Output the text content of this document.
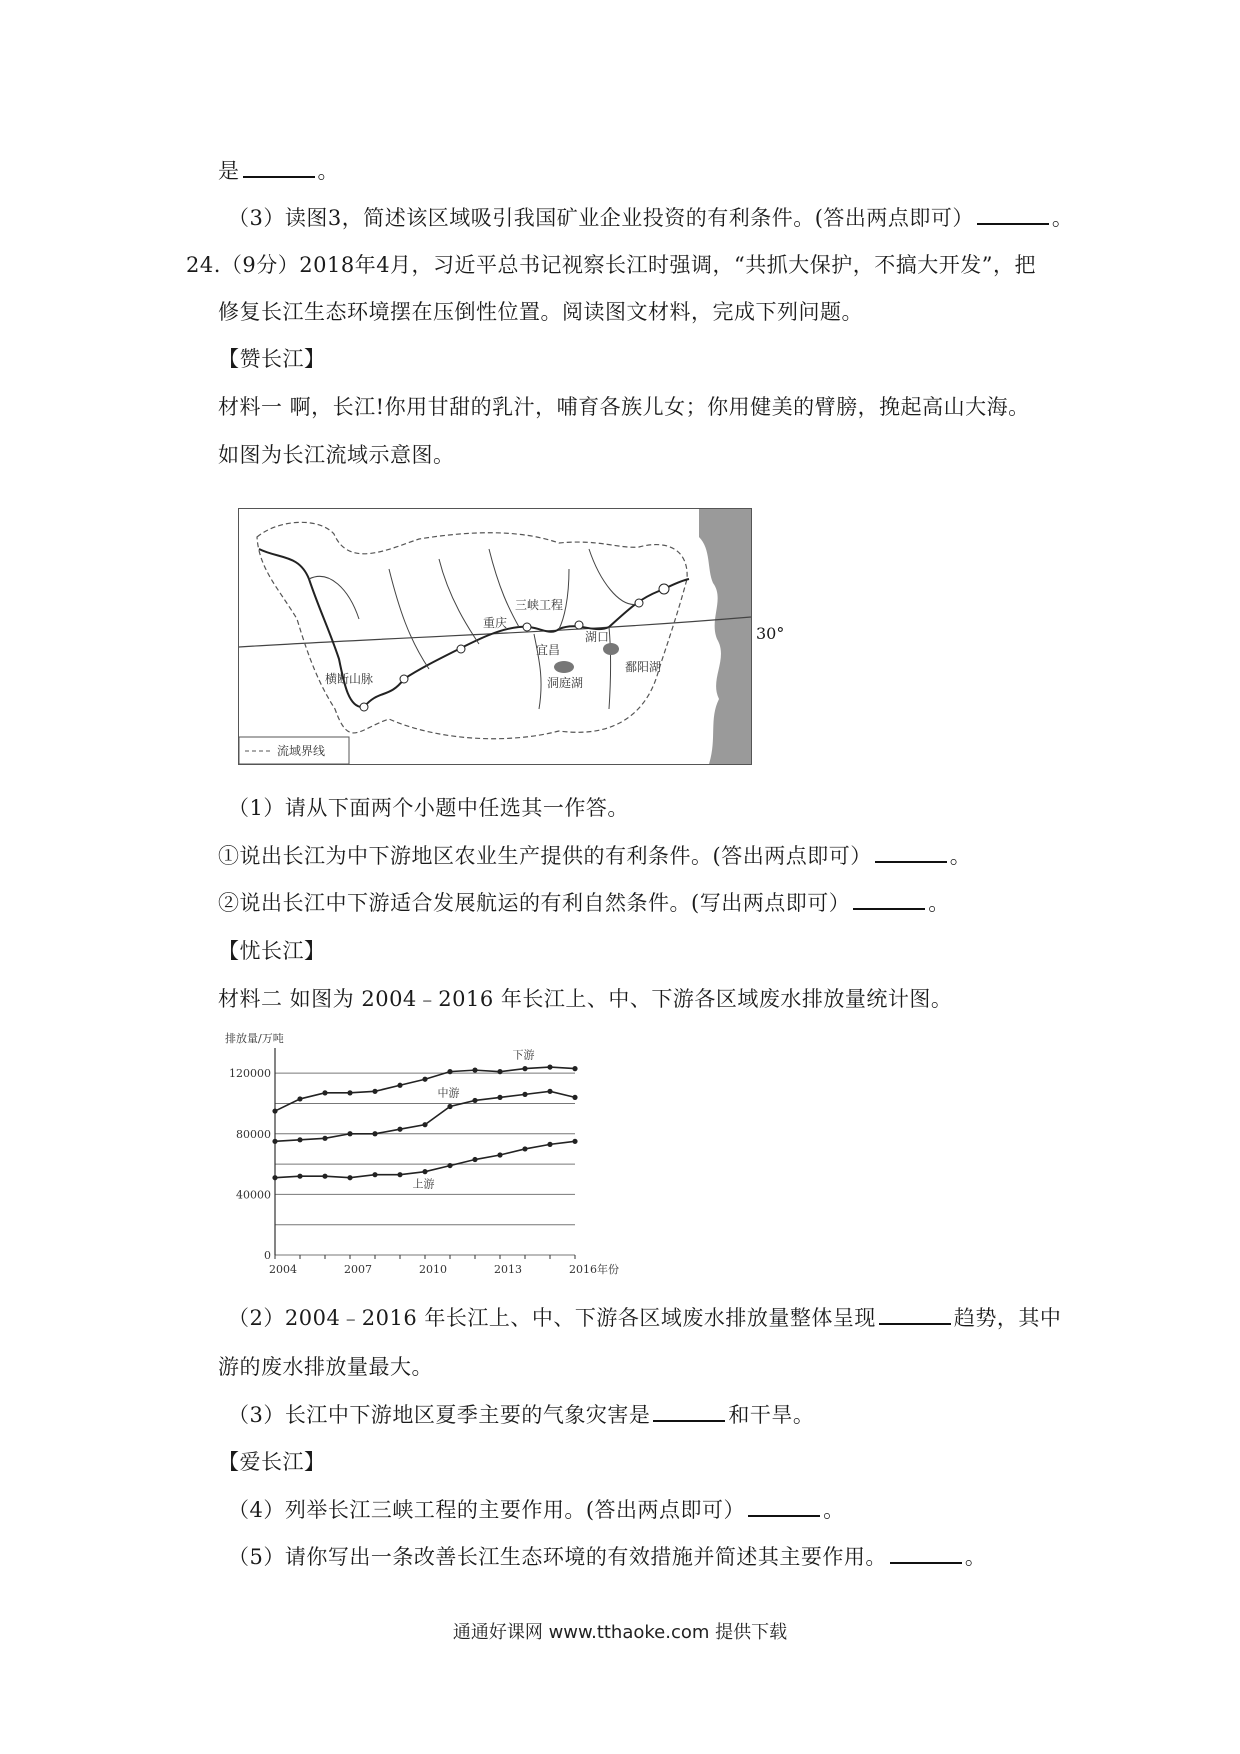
是	。
（3）读图3，简述该区域吸引我国矿业企业投资的有利条件。(答出两点即可）	。
24.（9分）2018年4月，习近平总书记视察长江时强调，“共抓大保护，不搞大开发”，把
修复长江生态环境摆在压倒性位置。阅读图文材料，完成下列问题。
【赞长江】
材料一 啊，长江!你用甘甜的乳汁，哺育各族儿女；你用健美的臂膀，挽起高山大海。
如图为长江流域示意图。
三峡工程
重庆
宜昌
湖口
鄱阳湖
洞庭湖
横断山脉
流域界线
30°
（1）请从下面两个小题中任选其一作答。
①说出长江为中下游地区农业生产提供的有利条件。(答出两点即可）	。
②说出长江中下游适合发展航运的有利自然条件。(写出两点即可）	。
【忧长江】
材料二 如图为 2004﹣2016 年长江上、中、下游各区域废水排放量统计图。
0
40000
80000
120000
2004	2007	2010	2013	2016年份
排放量/万吨
下游
中游
上游
（2）2004﹣2016 年长江上、中、下游各区域废水排放量整体呈现	趋势，其中
游的废水排放量最大。
（3）长江中下游地区夏季主要的气象灾害是	和干旱。
【爱长江】
（4）列举长江三峡工程的主要作用。(答出两点即可）	。
（5）请你写出一条改善长江生态环境的有效措施并简述其主要作用。	。
通通好课网 www.tthaoke.com 提供下载
